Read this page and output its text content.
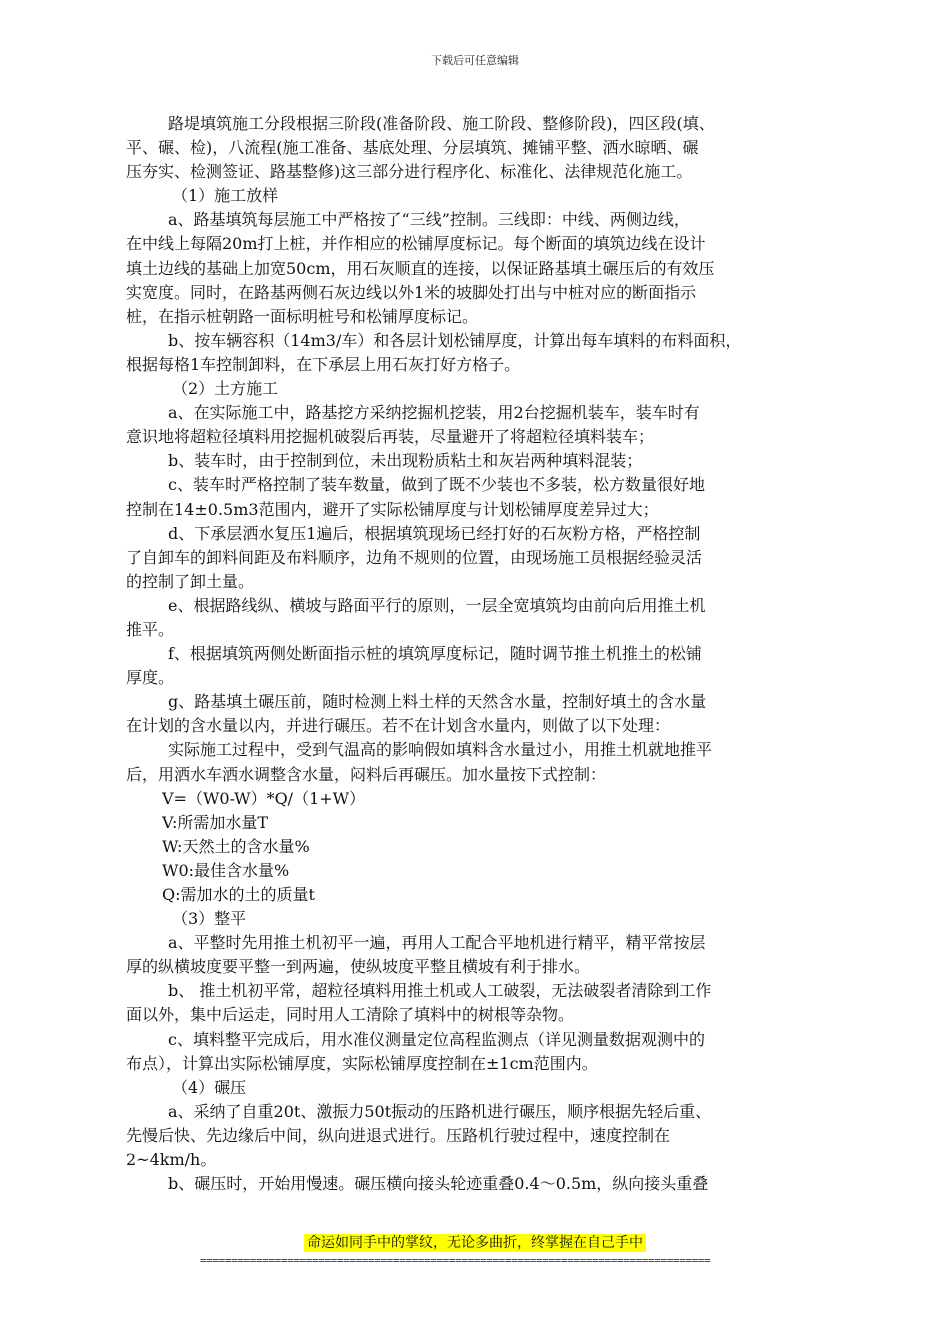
下载后可任意编辑

路堤填筑施工分段根据三阶段(准备阶段、施工阶段、整修阶段)，四区段(填、

平、碾、检)，八流程(施工准备、基底处理、分层填筑、摊铺平整、洒水晾晒、碾

压夯实、检测签证、路基整修)这三部分进行程序化、标准化、法律规范化施工。

（1）施工放样

a、路基填筑每层施工中严格按了“三线”控制。三线即：中线、两侧边线，

在中线上每隔20m打上桩，并作相应的松铺厚度标记。每个断面的填筑边线在设计

填土边线的基础上加宽50cm，用石灰顺直的连接，以保证路基填土碾压后的有效压

实宽度。同时，在路基两侧石灰边线以外1米的坡脚处打出与中桩对应的断面指示

桩，在指示桩朝路一面标明桩号和松铺厚度标记。

b、按车辆容积（14m3/车）和各层计划松铺厚度，计算出每车填料的布料面积，

根据每格1车控制卸料，在下承层上用石灰打好方格子。

（2）土方施工

a、在实际施工中，路基挖方采纳挖掘机挖装，用2台挖掘机装车，装车时有

意识地将超粒径填料用挖掘机破裂后再装，尽量避开了将超粒径填料装车；

b、装车时，由于控制到位，未出现粉质粘土和灰岩两种填料混装；

c、装车时严格控制了装车数量，做到了既不少装也不多装，松方数量很好地

控制在14±0.5m3范围内，避开了实际松铺厚度与计划松铺厚度差异过大；

d、下承层洒水复压1遍后，根据填筑现场已经打好的石灰粉方格，严格控制

了自卸车的卸料间距及布料顺序，边角不规则的位置，由现场施工员根据经验灵活

的控制了卸土量。

e、根据路线纵、横坡与路面平行的原则，一层全宽填筑均由前向后用推土机

推平。

f、根据填筑两侧处断面指示桩的填筑厚度标记，随时调节推土机推土的松铺

厚度。

g、路基填土碾压前，随时检测上料土样的天然含水量，控制好填土的含水量

在计划的含水量以内，并进行碾压。若不在计划含水量内，则做了以下处理：

实际施工过程中，受到气温高的影响假如填料含水量过小，用推土机就地推平

后，用洒水车洒水调整含水量，闷料后再碾压。加水量按下式控制：

V=（W0-W）*Q/（1+W）

V:所需加水量T

W:天然土的含水量%

W0:最佳含水量%

Q:需加水的土的质量t

（3）整平

a、平整时先用推土机初平一遍，再用人工配合平地机进行精平，精平常按层

厚的纵横坡度要平整一到两遍，使纵坡度平整且横坡有利于排水。

b、 推土机初平常，超粒径填料用推土机或人工破裂，无法破裂者清除到工作

面以外，集中后运走，同时用人工清除了填料中的树根等杂物。

c、填料整平完成后，用水准仪测量定位高程监测点（详见测量数据观测中的

布点），计算出实际松铺厚度，实际松铺厚度控制在±1cm范围内。

（4）碾压

a、采纳了自重20t、激振力50t振动的压路机进行碾压，顺序根据先轻后重、

先慢后快、先边缘后中间，纵向进退式进行。压路机行驶过程中，速度控制在

2~4km/h。

b、碾压时，开始用慢速。碾压横向接头轮迹重叠0.4～0.5m，纵向接头重叠

命运如同手中的掌纹，无论多曲折，终掌握在自己手中
==================================================================================
